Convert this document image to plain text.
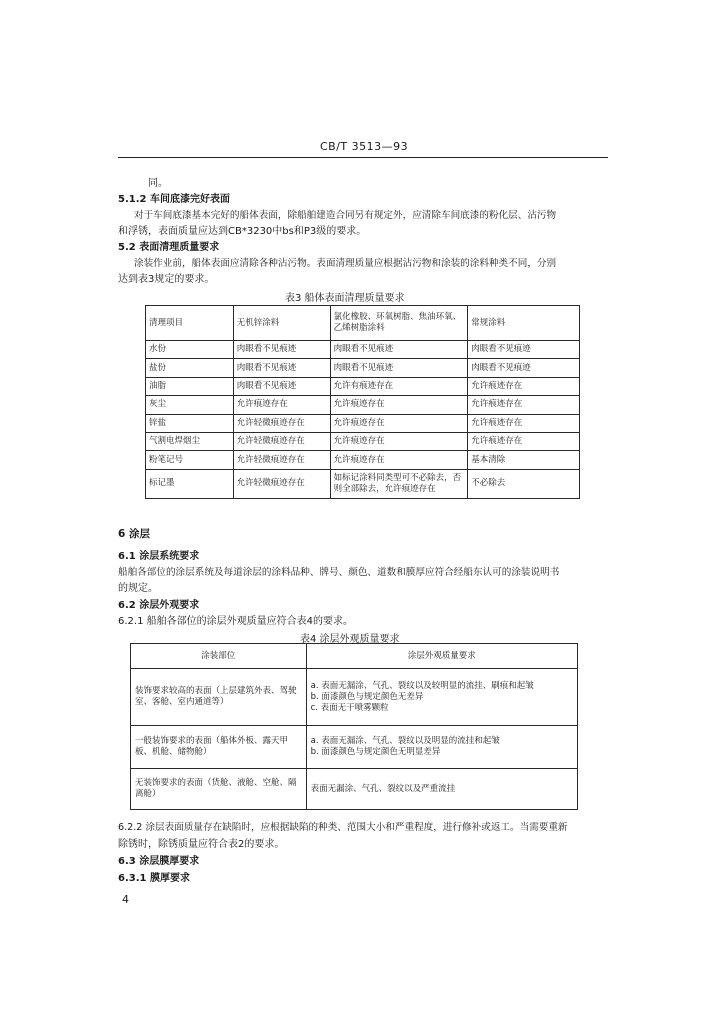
CB/T 3513—93
同。
5.1.2 车间底漆完好表面
对于车间底漆基本完好的船体表面，除船舶建造合同另有规定外，应清除车间底漆的粉化层、沾污物
和浮锈，表面质量应达到CB*3230中bs和P3级的要求。
5.2 表面清理质量要求
涂装作业前，船体表面应清除各种沾污物。表面清理质量应根据沾污物和涂装的涂料种类不同，分别
达到表3规定的要求。
表3 船体表面清理质量要求
清理项目	无机锌涂料	氯化橡胶、环氧树脂、焦油环氧、乙烯树脂涂料	常规涂料
水份	肉眼看不见痕迹	肉眼看不见痕迹	肉眼看不见痕迹
盐份	肉眼看不见痕迹	肉眼看不见痕迹	肉眼看不见痕迹
油脂	肉眼看不见痕迹	允许有痕迹存在	允许痕迹存在
灰尘	允许痕迹存在	允许痕迹存在	允许痕迹存在
锌盐	允许轻微痕迹存在	允许痕迹存在	允许痕迹存在
气割电焊烟尘	允许轻微痕迹存在	允许痕迹存在	允许痕迹存在
粉笔记号	允许轻微痕迹存在	允许痕迹存在	基本清除
标记墨	允许轻微痕迹存在	如标记涂料同类型可不必除去，否则全部除去，允许痕迹存在	不必除去
6 涂层
6.1 涂层系统要求
船舶各部位的涂层系统及每道涂层的涂料品种、牌号、颜色、道数和膜厚应符合经船东认可的涂装说明书
的规定。
6.2 涂层外观要求
6.2.1 船舶各部位的涂层外观质量应符合表4的要求。
表4 涂层外观质量要求
涂装部位	涂层外观质量要求
装饰要求较高的表面（上层建筑外表、驾驶室、客舱、室内通道等）	a. 表面无漏涂、气孔、裂纹以及较明显的流挂、刷痕和起皱
b. 面漆颜色与规定颜色无差异
c. 表面无干喷雾颗粒

一般装饰要求的表面（船体外板、露天甲板、机舱、储物舱）	a. 表面无漏涂、气孔、裂纹以及明显的流挂和起皱
b. 面漆颜色与规定颜色无明显差异

无装饰要求的表面（货舱、液舱、空舱、隔离舱）	表面无漏涂、气孔、裂纹以及严重流挂
6.2.2 涂层表面质量存在缺陷时，应根据缺陷的种类、范围大小和严重程度，进行修补或返工。当需要重新
除锈时，除锈质量应符合表2的要求。
6.3 涂层膜厚要求
6.3.1 膜厚要求
4
